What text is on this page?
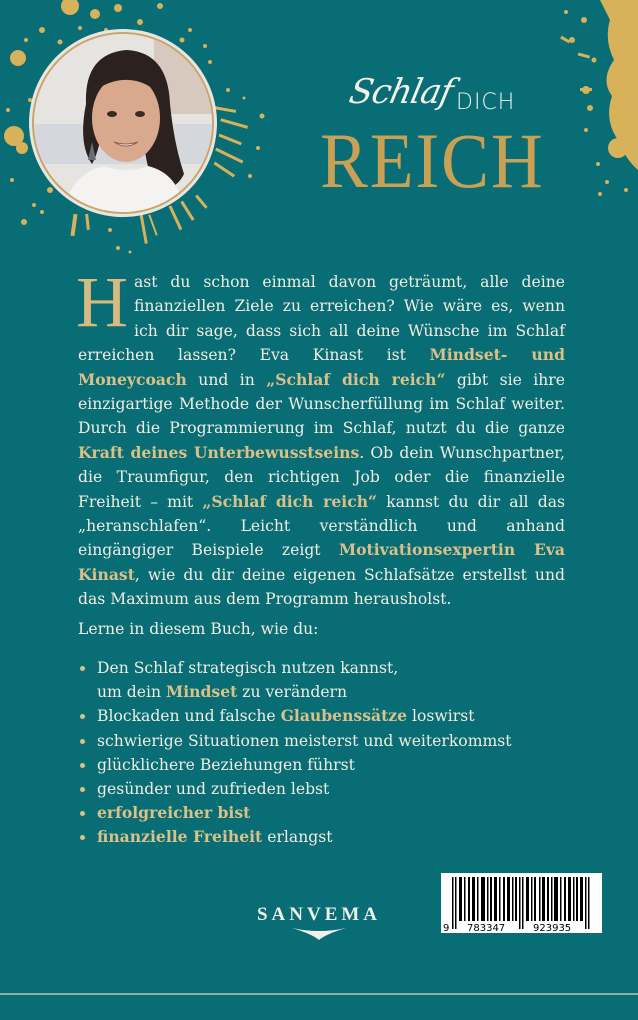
Schlaf DICH
REICH
H ast du schon einmal davon geträumt, alle deine finanziellen Ziele zu erreichen? Wie wäre es, wenn ich dir sage, dass sich all deine Wünsche im Schlaf erreichen lassen? Eva Kinast ist Mindset- und Moneycoach und in „Schlaf dich reich“ gibt sie ihre einzigartige Methode der Wunscherfüllung im Schlaf weiter. Durch die Programmierung im Schlaf, nutzt du die ganze Kraft deines Unterbewusstseins. Ob dein Wunschpartner, die Traumfigur, den richtigen Job oder die finanzielle Freiheit – mit „Schlaf dich reich“ kannst du dir all das „heranschlafen“. Leicht verständlich und anhand eingängiger Beispiele zeigt Motivationsexpertin Eva Kinast, wie du dir deine eigenen Schlafsätze erstellst und das Maximum aus dem Programm herausholst.
Lerne in diesem Buch, wie du:
Den Schlaf strategisch nutzen kannst,
um dein Mindset zu verändern
Blockaden und falsche Glaubenssätze loswirst
schwierige Situationen meisterst und weiterkommst
glücklichere Beziehungen führst
gesünder und zufrieden lebst
erfolgreicher bist
finanzielle Freiheit erlangst
SANVEMA
9 783347	923935
